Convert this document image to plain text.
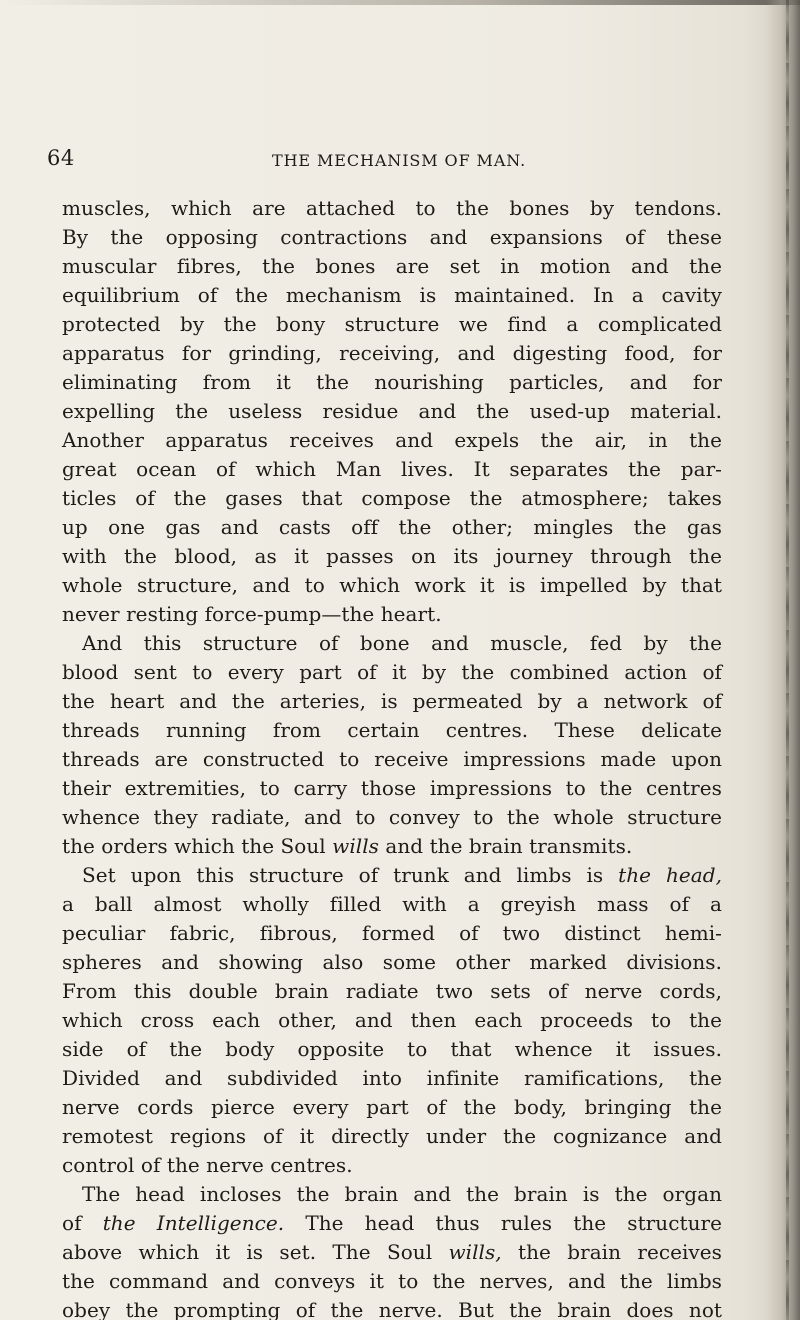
64	THE MECHANISM OF MAN.
muscles, which are attached to the bones by tendons.
By the opposing contractions and expansions of these
muscular fibres, the bones are set in motion and the
equilibrium of the mechanism is maintained. In a cavity
protected by the bony structure we find a complicated
apparatus for grinding, receiving, and digesting food, for
eliminating from it the nourishing particles, and for
expelling the useless residue and the used-up material.
Another apparatus receives and expels the air, in the
great ocean of which Man lives. It separates the par-
ticles of the gases that compose the atmosphere; takes
up one gas and casts off the other; mingles the gas
with the blood, as it passes on its journey through the
whole structure, and to which work it is impelled by that
never resting force-pump—the heart.
And this structure of bone and muscle, fed by the
blood sent to every part of it by the combined action of
the heart and the arteries, is permeated by a network of
threads running from certain centres. These delicate
threads are constructed to receive impressions made upon
their extremities, to carry those impressions to the centres
whence they radiate, and to convey to the whole structure
the orders which the Soul wills and the brain transmits.
Set upon this structure of trunk and limbs is the head,
a ball almost wholly filled with a greyish mass of a
peculiar fabric, fibrous, formed of two distinct hemi-
spheres and showing also some other marked divisions.
From this double brain radiate two sets of nerve cords,
which cross each other, and then each proceeds to the
side of the body opposite to that whence it issues.
Divided and subdivided into infinite ramifications, the
nerve cords pierce every part of the body, bringing the
remotest regions of it directly under the cognizance and
control of the nerve centres.
The head incloses the brain and the brain is the organ
of the Intelligence. The head thus rules the structure
above which it is set. The Soul wills, the brain receives
the command and conveys it to the nerves, and the limbs
obey the prompting of the nerve. But the brain does not
